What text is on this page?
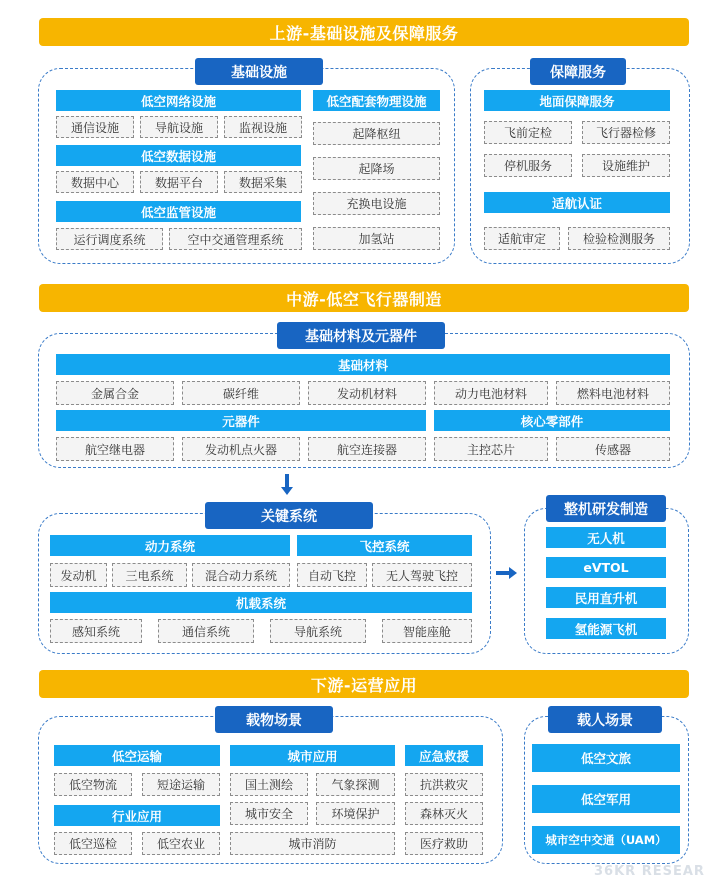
上游-基础设施及保障服务
基础设施
低空网络设施
通信设施	导航设施	监视设施
低空数据设施
数据中心	数据平台	数据采集
低空监管设施
运行调度系统	空中交通管理系统
低空配套物理设施
起降枢纽
起降场
充换电设施
加氢站
保障服务
地面保障服务
飞前定检	飞行器检修
停机服务	设施维护
适航认证
适航审定	检验检测服务
中游-低空飞行器制造
基础材料及元器件
基础材料
金属合金	碳纤维	发动机材料	动力电池材料	燃料电池材料
元器件
航空继电器	发动机点火器	航空连接器
核心零部件
主控芯片	传感器
关键系统
动力系统
发动机	三电系统	混合动力系统
飞控系统
自动飞控	无人驾驶飞控
机载系统
感知系统	通信系统	导航系统	智能座舱
整机研发制造
无人机
eVTOL
民用直升机
氢能源飞机
下游-运营应用
载物场景
低空运输
低空物流	短途运输
行业应用
低空巡检	低空农业
城市应用
国土测绘	气象探测
城市安全	环境保护
城市消防
应急救援
抗洪救灾
森林灭火
医疗救助
载人场景
低空文旅
低空军用
城市空中交通（UAM）
36KR RESEAR
